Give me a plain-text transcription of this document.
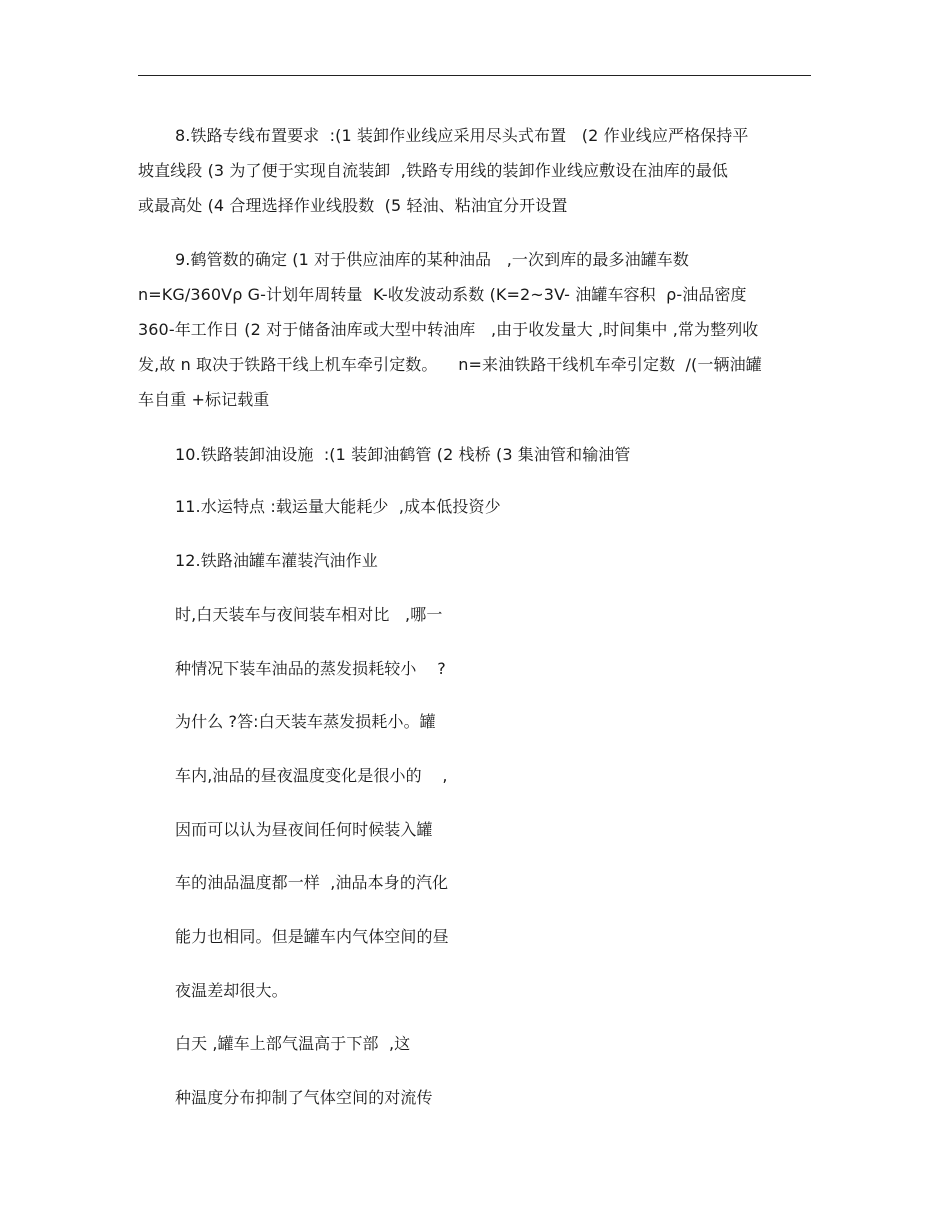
8.铁路专线布置要求  :(1 装卸作业线应采用尽头式布置   (2 作业线应严格保持平
坡直线段 (3 为了便于实现自流装卸  ,铁路专用线的装卸作业线应敷设在油库的最低
或最高处 (4 合理选择作业线股数  (5 轻油、粘油宜分开设置
9.鹤管数的确定 (1 对于供应油库的某种油品   ,一次到库的最多油罐车数
n=KG/360Vρ G-计划年周转量  K-收发波动系数 (K=2~3V- 油罐车容积  ρ-油品密度
360-年工作日 (2 对于储备油库或大型中转油库   ,由于收发量大 ,时间集中 ,常为整列收
发,故 n 取决于铁路干线上机车牵引定数。    n=来油铁路干线机车牵引定数  /(一辆油罐
车自重 +标记载重
10.铁路装卸油设施  :(1 装卸油鹤管 (2 栈桥 (3 集油管和输油管
11.水运特点 :载运量大能耗少  ,成本低投资少
12.铁路油罐车灌装汽油作业
时,白天装车与夜间装车相对比   ,哪一
种情况下装车油品的蒸发损耗较小    ?
为什么 ?答:白天装车蒸发损耗小。罐
车内,油品的昼夜温度变化是很小的    ,
因而可以认为昼夜间任何时候装入罐
车的油品温度都一样  ,油品本身的汽化
能力也相同。但是罐车内气体空间的昼
夜温差却很大。
白天 ,罐车上部气温高于下部  ,这
种温度分布抑制了气体空间的对流传
